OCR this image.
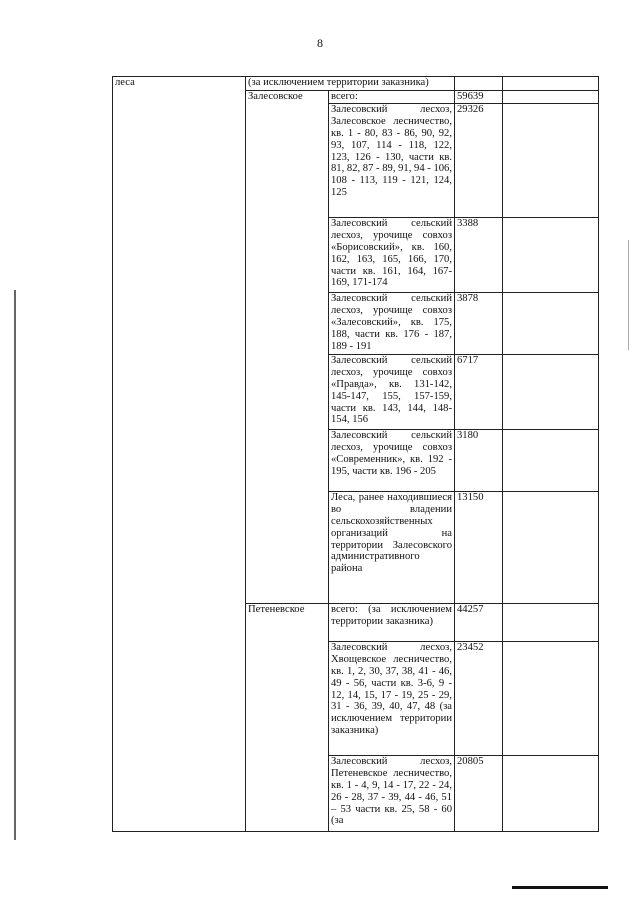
8
леса	(за исключением территории заказника)			
	Залесовское	всего:	59639	
		Залесовский лесхоз, Залесовское лесничество, кв. 1 - 80, 83 - 86, 90, 92, 93, 107, 114 - 118, 122, 123, 126 - 130, части кв. 81, 82, 87 - 89, 91, 94 - 106, 108 - 113, 119 - 121, 124, 125	29326	
		Залесовский сельский лесхоз, урочище совхоз «Борисовский», кв. 160, 162, 163, 165, 166, 170, части кв. 161, 164, 167-169, 171-174	3388	
		Залесовский сельский лесхоз, урочище совхоз «Залесовский», кв. 175, 188, части кв. 176 - 187, 189 - 191	3878	
		Залесовский сельский лесхоз, урочище совхоз «Правда», кв. 131-142, 145-147, 155, 157-159, части кв. 143, 144, 148-154, 156	6717	
		Залесовский сельский лесхоз, урочище совхоз «Современник», кв. 192 - 195, части кв. 196 - 205	3180	
		Леса, ранее находившиеся во владении сельскохозяйственных организаций на территории Залесовского административного района	13150	
	Петеневское	всего: (за исключением территории заказника)	44257	
		Залесовский лесхоз, Хвощевское лесничество, кв. 1, 2, 30, 37, 38, 41 - 46, 49 - 56, части кв. 3-6, 9 - 12, 14, 15, 17 - 19, 25 - 29, 31 - 36, 39, 40, 47, 48 (за исключением территории заказника)	23452	
		Залесовский лесхоз, Петеневское лесничество, кв. 1 - 4, 9, 14 - 17, 22 - 24, 26 - 28, 37 - 39, 44 - 46, 51 – 53 части кв. 25, 58 - 60 (за	20805	
